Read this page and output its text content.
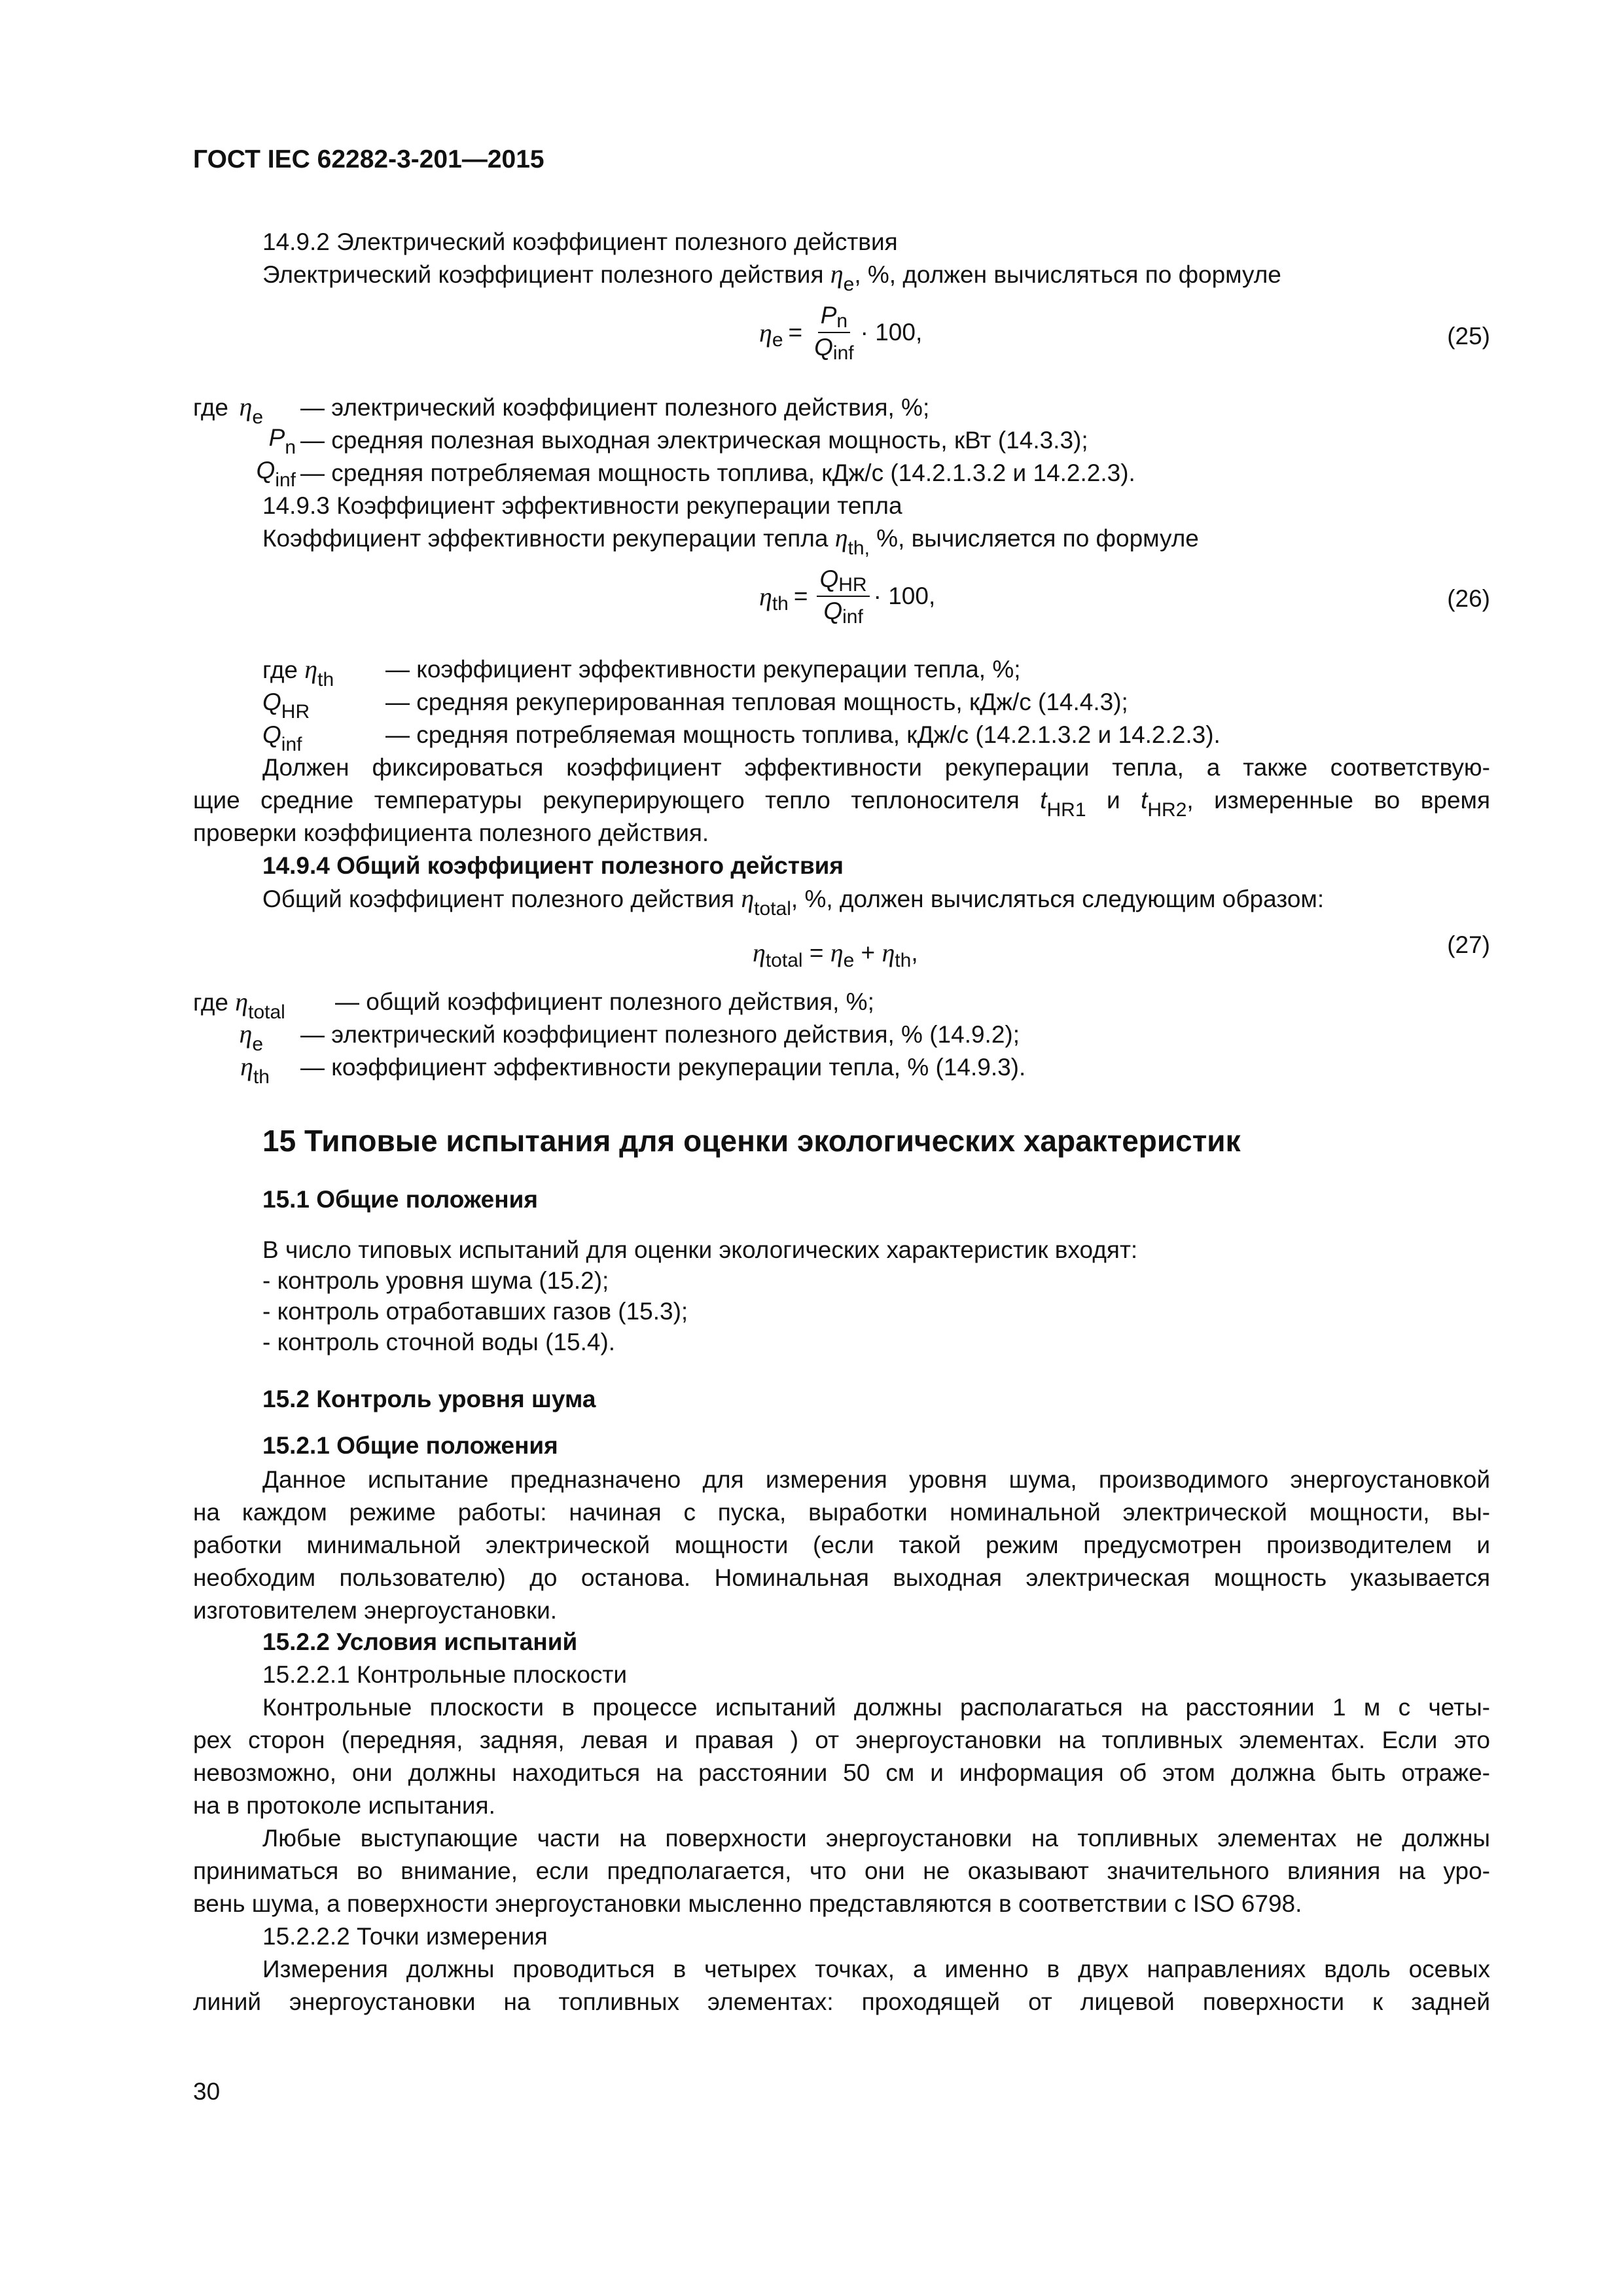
ГОСТ IEC 62282-3-201—2015
14.9.2 Электрический коэффициент полезного действия
Электрический коэффициент полезного действия $\eta_e$, %, должен вычисляться по формуле
η $e = \frac{Pn}{\text{Qinf}} \cdot 100$,	(25)
где $\eta_e$ — электрический коэффициент полезного действия, %;
$P_n$ — средняя полезная выходная электрическая мощность, кВт (14.3.3);
$Q_{inf}$ — средняя потребляемая мощность топлива, кДж/с (14.2.1.3.2 и 14.2.2.3).
14.9.3 Коэффициент эффективности рекуперации тепла
Коэффициент эффективности рекуперации тепла $\eta_{th,}$ %, вычисляется по формуле
η th = $\frac{\text{QHR}}{\text{Qinf}} \cdot 100$,	(26)
где $\eta_{th}$ — коэффициент эффективности рекуперации тепла, %;
$Q_{HR}$	— средняя рекуперированная тепловая мощность, кДж/с (14.4.3);
$Q_{inf}$	— средняя потребляемая мощность топлива, кДж/с (14.2.1.3.2 и 14.2.2.3).
Должен фиксироваться коэффициент эффективности рекуперации тепла, а также соответствую-
щие средние температуры рекуперирующего тепло теплоносителя $t_{HR1}$ и $t_{HR2}$, измеренные во время
проверки коэффициента полезного действия.
14.9.4 Общий коэффициент полезного действия
Общий коэффициент полезного действия $\eta_{total}$, %, должен вычисляться следующим образом:
η total = η e + η th ,	(27)
где $\eta_{total}$ — общий коэффициент полезного действия, %;
$\eta_e$ — электрический коэффициент полезного действия, % (14.9.2);
$\eta_{th}$ — коэффициент эффективности рекуперации тепла, % (14.9.3).
15 Типовые испытания для оценки экологических характеристик
15.1 Общие положения
В число типовых испытаний для оценки экологических характеристик входят:
- контроль уровня шума (15.2);
- контроль отработавших газов (15.3);
- контроль сточной воды (15.4).
15.2 Контроль уровня шума
15.2.1 Общие положения
Данное испытание предназначено для измерения уровня шума, производимого энергоустановкой
на каждом режиме работы: начиная с пуска, выработки номинальной электрической мощности, вы-
работки минимальной электрической мощности (если такой режим предусмотрен производителем и
необходим пользователю) до останова. Номинальная выходная электрическая мощность указывается
изготовителем энергоустановки.
15.2.2 Условия испытаний
15.2.2.1 Контрольные плоскости
Контрольные плоскости в процессе испытаний должны располагаться на расстоянии 1 м с четы-
рех сторон (передняя, задняя, левая и правая ) от энергоустановки на топливных элементах. Если это
невозможно, они должны находиться на расстоянии 50 см и информация об этом должна быть отраже-
на в протоколе испытания.
Любые выступающие части на поверхности энергоустановки на топливных элементах не должны
приниматься во внимание, если предполагается, что они не оказывают значительного влияния на уро-
вень шума, а поверхности энергоустановки мысленно представляются в соответствии с ISO 6798.
15.2.2.2 Точки измерения
Измерения должны проводиться в четырех точках, а именно в двух направлениях вдоль осевых
линий энергоустановки на топливных элементах: проходящей от лицевой поверхности к задней
30
